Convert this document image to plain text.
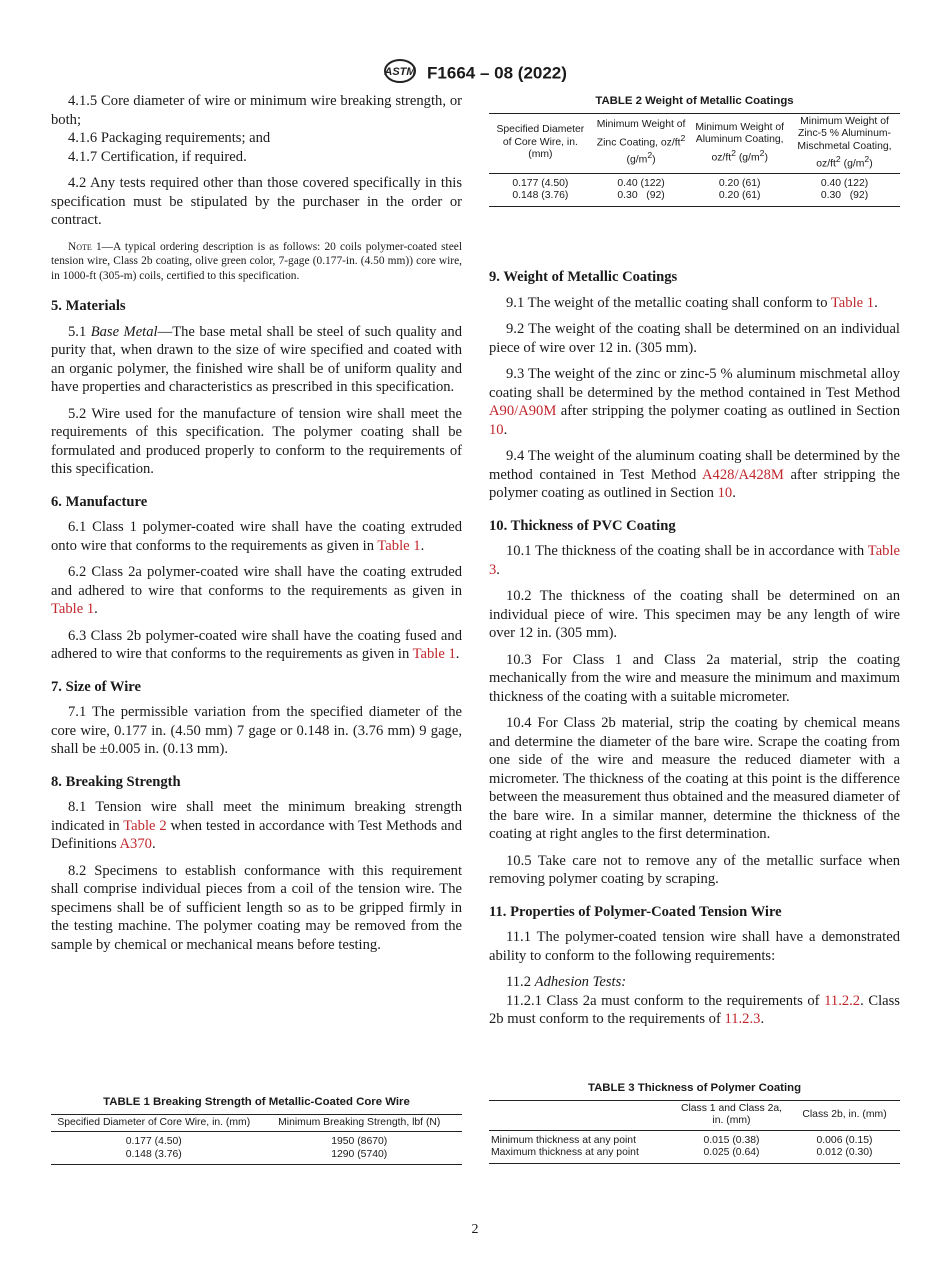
ASTM F1664 – 08 (2022)

4.1.5 Core diameter of wire or minimum wire breaking strength, or both;

4.1.6 Packaging requirements; and

4.1.7 Certification, if required.

4.2 Any tests required other than those covered specifically in this specification must be stipulated by the purchaser in the order or contract.

Note 1—A typical ordering description is as follows: 20 coils polymer-coated steel tension wire, Class 2b coating, olive green color, 7-gage (0.177-in. (4.50 mm)) core wire, in 1000-ft (305-m) coils, certified to this specification.

5. Materials

5.1 Base Metal—The base metal shall be steel of such quality and purity that, when drawn to the size of wire specified and coated with an organic polymer, the finished wire shall be of uniform quality and have properties and characteristics as prescribed in this specification.

5.2 Wire used for the manufacture of tension wire shall meet the requirements of this specification. The polymer coating shall be formulated and produced properly to conform to the requirements of this specification.

6. Manufacture

6.1 Class 1 polymer-coated wire shall have the coating extruded onto wire that conforms to the requirements as given in Table 1.

6.2 Class 2a polymer-coated wire shall have the coating extruded and adhered to wire that conforms to the requirements as given in Table 1.

6.3 Class 2b polymer-coated wire shall have the coating fused and adhered to wire that conforms to the requirements as given in Table 1.

7. Size of Wire

7.1 The permissible variation from the specified diameter of the core wire, 0.177 in. (4.50 mm) 7 gage or 0.148 in. (3.76 mm) 9 gage, shall be ±0.005 in. (0.13 mm).

8. Breaking Strength

8.1 Tension wire shall meet the minimum breaking strength indicated in Table 2 when tested in accordance with Test Methods and Definitions A370.

8.2 Specimens to establish conformance with this requirement shall comprise individual pieces from a coil of the tension wire. The specimens shall be of sufficient length so as to be gripped firmly in the testing machine. The polymer coating may be removed from the sample by chemical or mechanical means before testing.

TABLE 1 Breaking Strength of Metallic-Coated Core Wire
Specified Diameter of Core Wire, in. (mm)	Minimum Breaking Strength, lbf (N)
0.177 (4.50)	1950 (8670)
0.148 (3.76)	1290 (5740)
TABLE 2 Weight of Metallic Coatings
Specified Diameter of Core Wire, in. (mm)	Minimum Weight of Zinc Coating, $oz/ft^2$ $(g/m^2)$	Minimum Weight of Aluminum Coating, $oz/ft^2$ $(g/m^2)$	Minimum Weight of Zinc-5 % Aluminum-Mischmetal Coating, $oz/ft^2$ $(g/m^2)$
0.177 (4.50)	0.40 (122)	0.20 (61)	0.40 (122)
0.148 (3.76)	0.30   (92)	0.20 (61)	0.30   (92)
9. Weight of Metallic Coatings

9.1 The weight of the metallic coating shall conform to Table 1.

9.2 The weight of the coating shall be determined on an individual piece of wire over 12 in. (305 mm).

9.3 The weight of the zinc or zinc-5 % aluminum mischmetal alloy coating shall be determined by the method contained in Test Method A90/A90M after stripping the polymer coating as outlined in Section 10.

9.4 The weight of the aluminum coating shall be determined by the method contained in Test Method A428/A428M after stripping the polymer coating as outlined in Section 10.

10. Thickness of PVC Coating

10.1 The thickness of the coating shall be in accordance with Table 3.

10.2 The thickness of the coating shall be determined on an individual piece of wire. This specimen may be any length of wire over 12 in. (305 mm).

10.3 For Class 1 and Class 2a material, strip the coating mechanically from the wire and measure the minimum and maximum thickness of the coating with a suitable micrometer.

10.4 For Class 2b material, strip the coating by chemical means and determine the diameter of the bare wire. Scrape the coating from one side of the wire and measure the reduced diameter with a micrometer. The thickness of the coating at this point is the difference between the measurement thus obtained and the measured diameter of the bare wire. In a similar manner, determine the thickness of the coating at right angles to the first determination.

10.5 Take care not to remove any of the metallic surface when removing polymer coating by scraping.

11. Properties of Polymer-Coated Tension Wire

11.1 The polymer-coated tension wire shall have a demonstrated ability to conform to the following requirements:

11.2 Adhesion Tests:

11.2.1 Class 2a must conform to the requirements of 11.2.2. Class 2b must conform to the requirements of 11.2.3.

TABLE 3 Thickness of Polymer Coating
	Class 1 and Class 2a, in. (mm)	Class 2b, in. (mm)
Minimum thickness at any point	0.015 (0.38)	0.006 (0.15)
Maximum thickness at any point	0.025 (0.64)	0.012 (0.30)
2
